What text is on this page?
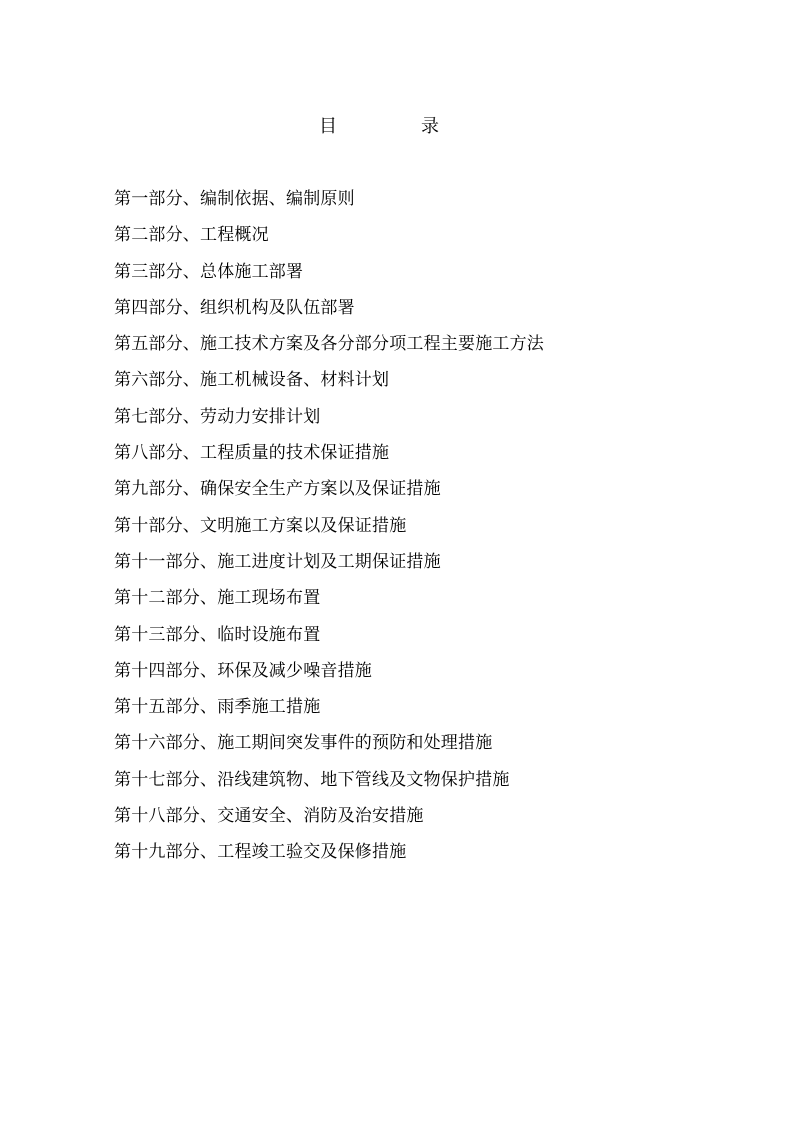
目	录
第一部分、编制依据、编制原则
第二部分、工程概况
第三部分、总体施工部署
第四部分、组织机构及队伍部署
第五部分、施工技术方案及各分部分项工程主要施工方法
第六部分、施工机械设备、材料计划
第七部分、劳动力安排计划
第八部分、工程质量的技术保证措施
第九部分、确保安全生产方案以及保证措施
第十部分、文明施工方案以及保证措施
第十一部分、施工进度计划及工期保证措施
第十二部分、施工现场布置
第十三部分、临时设施布置
第十四部分、环保及减少噪音措施
第十五部分、雨季施工措施
第十六部分、施工期间突发事件的预防和处理措施
第十七部分、沿线建筑物、地下管线及文物保护措施
第十八部分、交通安全、消防及治安措施
第十九部分、工程竣工验交及保修措施
